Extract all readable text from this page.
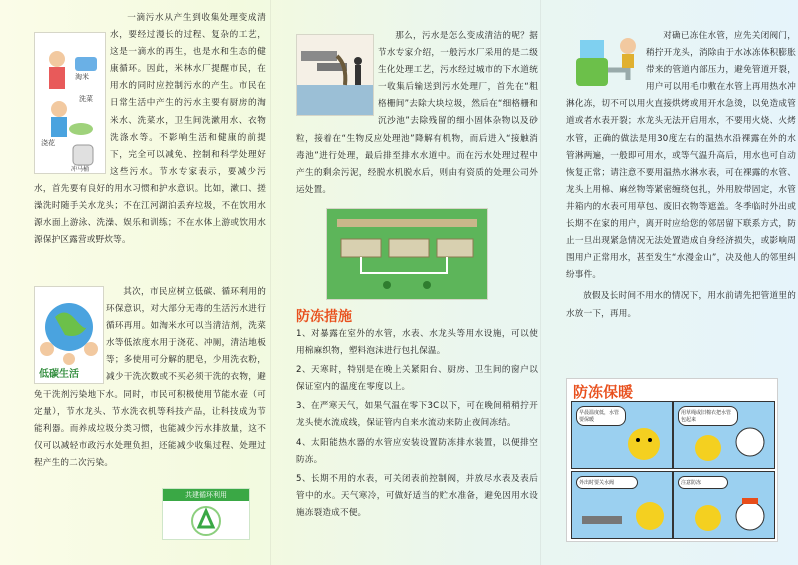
淘米
洗菜
浇花
冲马桶

一滴污水从产生到收集处理变成清水，要经过漫长的过程、复杂的工艺，这是一滴水的再生，也是水和生态的健康循环。因此，米林水厂提醒市民，在用水的同时应控制污水的产生。市民在日常生活中产生的污水主要有厨房的淘米水、洗菜水，卫生间洗漱用水、衣物洗涤水等。不影响生活和健康的前提下，完全可以减免、控制和科学处理好这些污水。节水专家表示，要减少污水，首先要有良好的用水习惯和护水意识。比如，漱口、搓澡洗时随手关水龙头；不在江河湖泊丢弃垃圾，不在饮用水源水面上游泳、洗澡、娱乐和训练；不在水体上游或饮用水源保护区露营或野炊等。

低碳生活

其次，市民应树立低碳、循环利用的环保意识，对大部分无毒的生活污水进行循环再用。如淘米水可以当清洁剂，洗菜水等低浓度水用于浇花、冲厕，清洁地板等；多使用可分解的肥皂，少用洗衣粉，减少干洗次数或不买必须干洗的衣物，避免干洗剂污染地下水。同时，市民可积极使用节能水壶（可定量），节水龙头、节水洗衣机等科技产品，让科技成为节能利器。而养成垃圾分类习惯，也能减少污水排放量，这不仅可以减轻市政污水处理负担，还能减少收集过程、处理过程产生的二次污染。

共建循环利用

那么，污水是怎么变成清洁的呢？据节水专家介绍，一般污水厂采用的是二级生化处理工艺，污水经过城市的下水道统一收集后输送到污水处理厂，首先在“粗格栅间”去除大块垃圾，然后在“细格栅和沉沙池”去除残留的细小固体杂物以及砂粒，接着在“生物反应处理池”降解有机物，而后进入“接触消毒池”进行处理，最后排至排水水道中。而在污水处理过程中产生的剩余污泥，经脱水机脱水后，则由有资质的处理公司外运处置。

防冻措施
1、对暴露在室外的水管，水表、水龙头等用水设施，可以使用棉麻织物，塑料泡沫进行包扎保温。
2、天寒时，特别是在晚上关紧阳台、厨房、卫生间的窗户以保证室内的温度在零度以上。
3、在严寒天气，如果气温在零下3C以下，可在晚间稍稍拧开龙头使水流成线，保证管内自来水流动来防止夜间冻结。
4、太阳能热水器的水管应安装设置防冻排水装置，以便排空防冻。
5、长期不用的水表，可关闭表前控制阀，并放尽水表及表后管中的水。天气寒冷，可做好适当的贮水准备，避免因用水设施冻裂造成不便。

对确已冻住水管，应先关闭阀门，稍拧开龙头，消除由于水冰冻体积膨胀带来的管道内部压力，避免管道开裂，用户可以用毛巾敷在水管上再用热水冲淋化冻，切不可以用火直接烘烤或用开水急烫，以免造成管道或者水表开裂；水龙头无法开启用水，不要用火烧、火烤水管，正确的做法是用30度左右的温热水沿裸露在外的水管淋两遍，一般即可用水，或等气温升高后，用水也可自动恢复正常；请注意不要用温热水淋水表，可在裸露的水管、龙头上用棉、麻丝物等紧密缠绕包扎，外用胶带固定，水管井箱内的水表可用草包、废旧衣物等遮盖。冬季临时外出或长期不在家的用户，离开时应给您的邻居留下联系方式，防止一旦出现紧急情况无法处置造成自身经济损失，或影响周围用户正常用水，甚至发生“水漫金山”，决及他人的邻里纠纷事件。

放假及长时间不用水的情况下，用水前请先把管道里的水放一下，再用。

防冻保暖
早晨温度低，水管要保暖
用草绳或旧棉衣把水管包起来
外出时要关水阀	注意防冻
